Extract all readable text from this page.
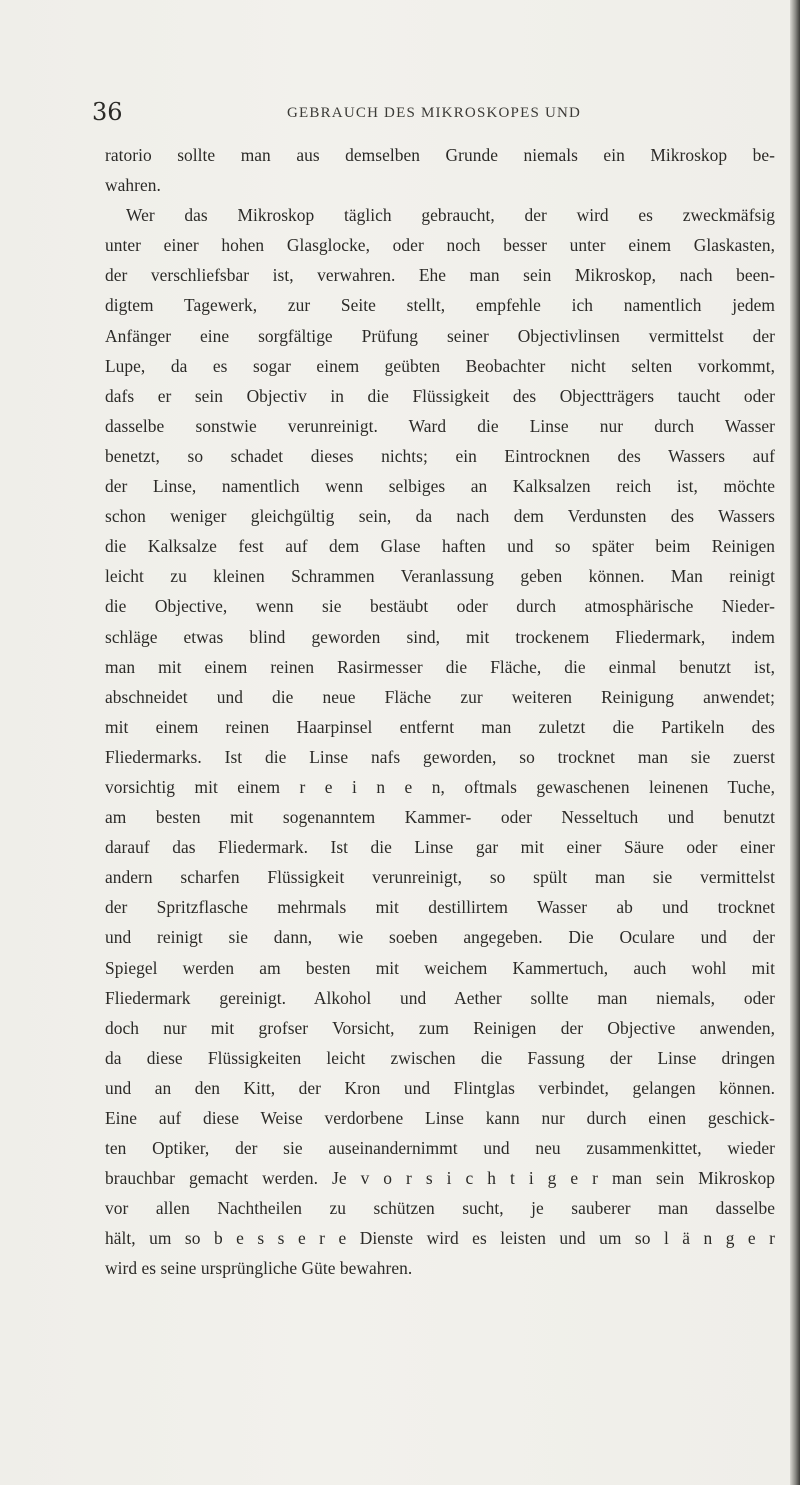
36	GEBRAUCH DES MIKROSKOPES UND
ratorio sollte man aus demselben Grunde niemals ein Mikroskop be-
wahren.
Wer das Mikroskop täglich gebraucht, der wird es zweckmäfsig
unter einer hohen Glasglocke, oder noch besser unter einem Glaskasten,
der verschliefsbar ist, verwahren. Ehe man sein Mikroskop, nach been-
digtem Tagewerk, zur Seite stellt, empfehle ich namentlich jedem
Anfänger eine sorgfältige Prüfung seiner Objectivlinsen vermittelst der
Lupe, da es sogar einem geübten Beobachter nicht selten vorkommt,
dafs er sein Objectiv in die Flüssigkeit des Objectträgers taucht oder
dasselbe sonstwie verunreinigt. Ward die Linse nur durch Wasser
benetzt, so schadet dieses nichts; ein Eintrocknen des Wassers auf
der Linse, namentlich wenn selbiges an Kalksalzen reich ist, möchte
schon weniger gleichgültig sein, da nach dem Verdunsten des Wassers
die Kalksalze fest auf dem Glase haften und so später beim Reinigen
leicht zu kleinen Schrammen Veranlassung geben können. Man reinigt
die Objective, wenn sie bestäubt oder durch atmosphärische Nieder-
schläge etwas blind geworden sind, mit trockenem Fliedermark, indem
man mit einem reinen Rasirmesser die Fläche, die einmal benutzt ist,
abschneidet und die neue Fläche zur weiteren Reinigung anwendet;
mit einem reinen Haarpinsel entfernt man zuletzt die Partikeln des
Fliedermarks. Ist die Linse nafs geworden, so trocknet man sie zuerst
vorsichtig mit einem r e i n e n, oftmals gewaschenen leinenen Tuche,
am besten mit sogenanntem Kammer- oder Nesseltuch und benutzt
darauf das Fliedermark. Ist die Linse gar mit einer Säure oder einer
andern scharfen Flüssigkeit verunreinigt, so spült man sie vermittelst
der Spritzflasche mehrmals mit destillirtem Wasser ab und trocknet
und reinigt sie dann, wie soeben angegeben. Die Oculare und der
Spiegel werden am besten mit weichem Kammertuch, auch wohl mit
Fliedermark gereinigt. Alkohol und Aether sollte man niemals, oder
doch nur mit grofser Vorsicht, zum Reinigen der Objective anwenden,
da diese Flüssigkeiten leicht zwischen die Fassung der Linse dringen
und an den Kitt, der Kron und Flintglas verbindet, gelangen können.
Eine auf diese Weise verdorbene Linse kann nur durch einen geschick-
ten Optiker, der sie auseinandernimmt und neu zusammenkittet, wieder
brauchbar gemacht werden. Je v o r s i c h t i g e r man sein Mikroskop
vor allen Nachtheilen zu schützen sucht, je sauberer man dasselbe
hält, um so b e s s e r e Dienste wird es leisten und um so l ä n g e r
wird es seine ursprüngliche Güte bewahren.
